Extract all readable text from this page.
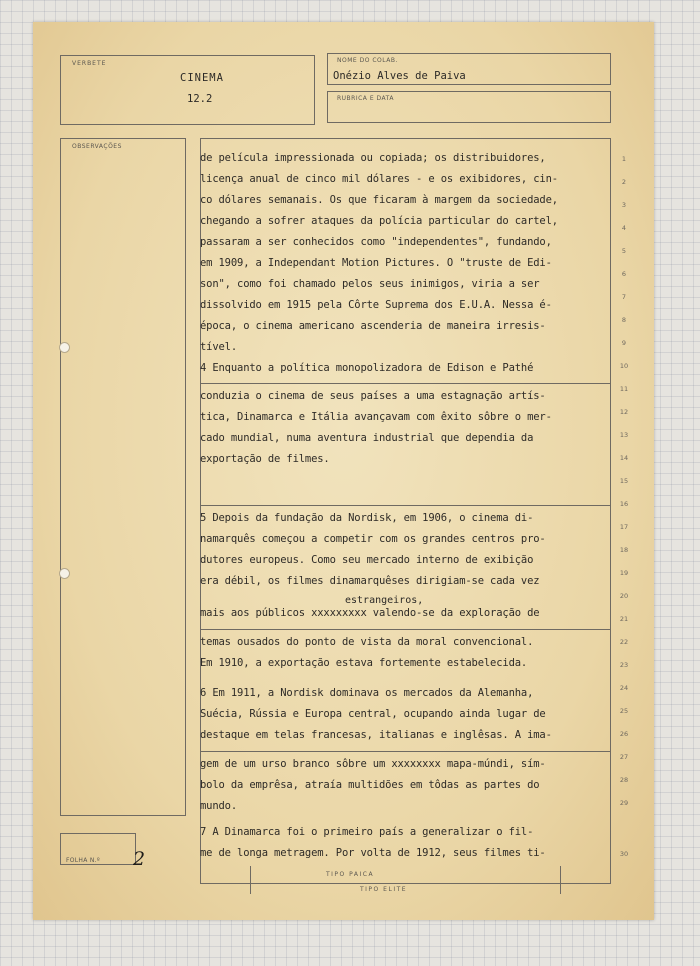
VERBETE
CINEMA
12.2
NOME DO COLAB.
Onézio Alves de Paiva
RUBRICA E DATA
OBSERVAÇÕES
FOLHA N.º 2
de película impressionada ou copiada; os distribuidores,
licença anual de cinco mil dólares - e os exibidores, cin-
co dólares semanais. Os que ficaram à margem da sociedade,
chegando a sofrer ataques da polícia particular do cartel,
passaram a ser conhecidos como "independentes", fundando,
em 1909, a Independant Motion Pictures. O "truste de Edi-
son", como foi chamado pelos seus inimigos, viria a ser
dissolvido em 1915 pela Côrte Suprema dos E.U.A. Nessa é-
época, o cinema americano ascenderia de maneira irresis-
tível.
4 Enquanto a política monopolizadora de Edison e Pathé
conduzia o cinema de seus países a uma estagnação artís-
tica, Dinamarca e Itália avançavam com êxito sôbre o mer-
cado mundial, numa aventura industrial que dependia da
exportação de filmes.
5 Depois da fundação da Nordisk, em 1906, o cinema di-
namarquês começou a competir com os grandes centros pro-
dutores europeus. Como seu mercado interno de exibição
era débil, os filmes dinamarquêses dirigiam-se cada vez
mais aos públicos xxxxxxxxx valendo-se da exploração de
temas ousados do ponto de vista da moral convencional.
Em 1910, a exportação estava fortemente estabelecida.
6 Em 1911, a Nordisk dominava os mercados da Alemanha,
Suécia, Rússia e Europa central, ocupando ainda lugar de
destaque em telas francesas, italianas e inglêsas. A ima-
gem de um urso branco sôbre um xxxxxxxx mapa-múndi, sím-
bolo da emprêsa, atraía multidões em tôdas as partes do
mundo.
7 A Dinamarca foi o primeiro país a generalizar o fil-
me de longa metragem. Por volta de 1912, seus filmes ti-
estrangeiros,
1
2
3
4
5
6
7
8
9
10
11
12
13
14
15
16
17
18
19
20
21
22
23
24
25
26
27
28
29
30
TIPO PAICA
TIPO ELITE
